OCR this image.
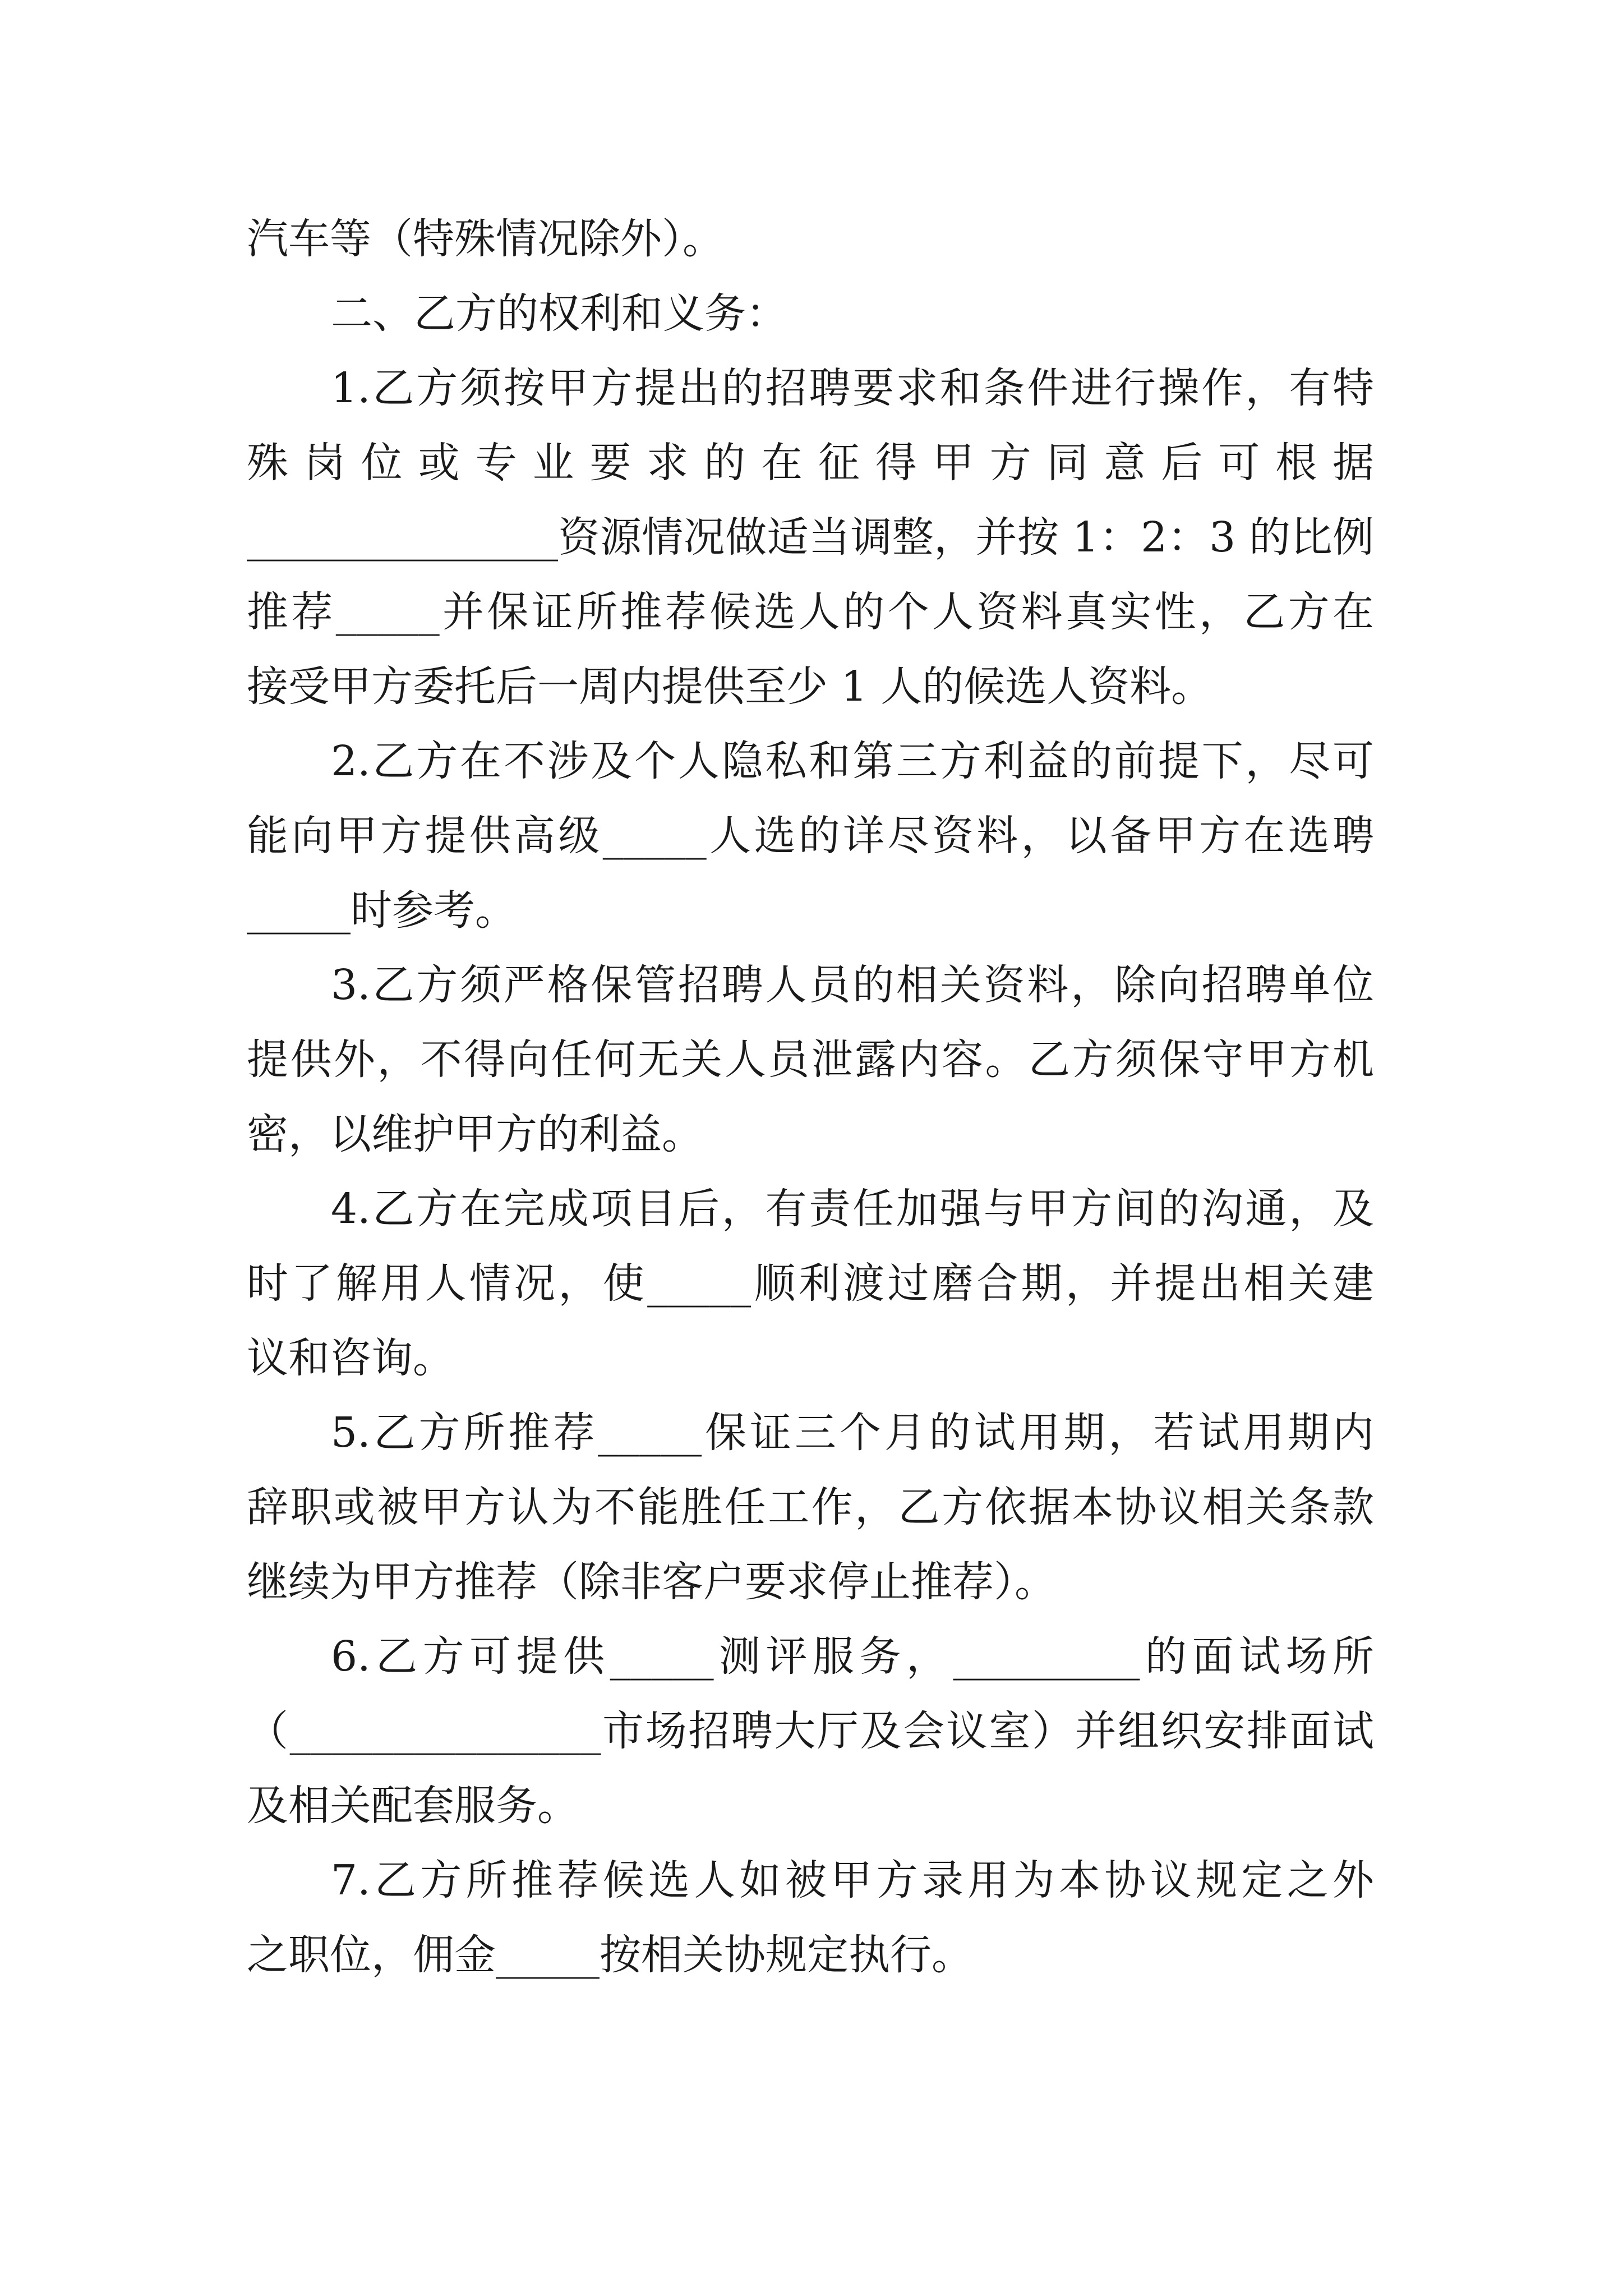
汽车等（特殊情况除外）。
二、乙方的权利和义务：
1.乙方须按甲方提出的招聘要求和条件进行操作，有特
殊岗位或专业要求的在征得甲方同意后可根据
_______________资源情况做适当调整，并按 1：2：3 的比例
推荐_____并保证所推荐候选人的个人资料真实性，乙方在
接受甲方委托后一周内提供至少 1 人的候选人资料。
2.乙方在不涉及个人隐私和第三方利益的前提下，尽可
能向甲方提供高级_____人选的详尽资料，以备甲方在选聘
_____时参考。
3.乙方须严格保管招聘人员的相关资料，除向招聘单位
提供外，不得向任何无关人员泄露内容。乙方须保守甲方机
密，以维护甲方的利益。
4.乙方在完成项目后，有责任加强与甲方间的沟通，及
时了解用人情况，使_____顺利渡过磨合期，并提出相关建
议和咨询。
5.乙方所推荐_____保证三个月的试用期，若试用期内
辞职或被甲方认为不能胜任工作，乙方依据本协议相关条款
继续为甲方推荐（除非客户要求停止推荐）。
6.乙方可提供_____测评服务，_________的面试场所
（_______________市场招聘大厅及会议室）并组织安排面试
及相关配套服务。
7.乙方所推荐候选人如被甲方录用为本协议规定之外
之职位，佣金_____按相关协规定执行。
